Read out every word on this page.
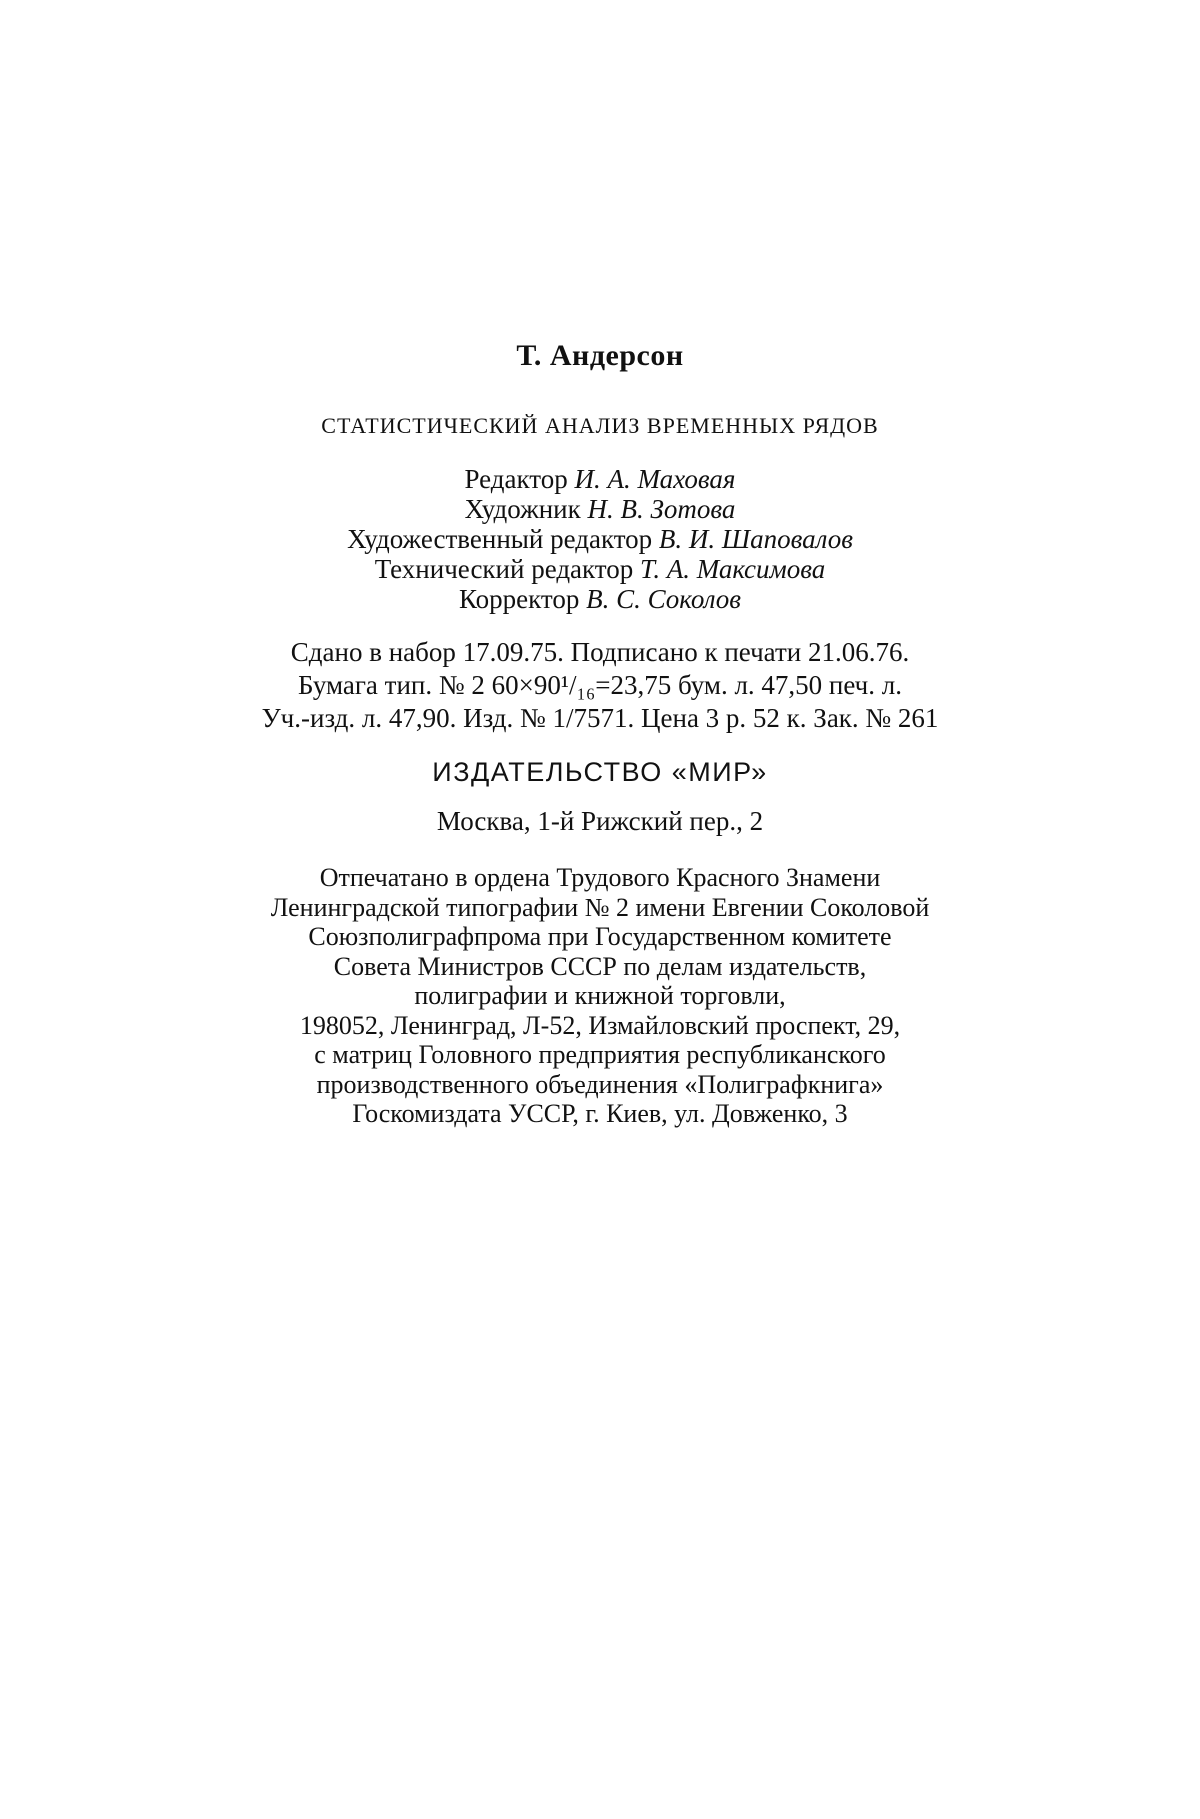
Т. Андерсон

СТАТИСТИЧЕСКИЙ АНАЛИЗ ВРЕМЕННЫХ РЯДОВ

Редактор И. А. Маховая
Художник Н. В. Зотова
Художественный редактор В. И. Шаповалов
Технический редактор Т. А. Максимова
Корректор В. С. Соколов
Сдано в набор 17.09.75. Подписано к печати 21.06.76.
Бумага тип. № 2 60×90¹/₁₆=23,75 бум. л. 47,50 печ. л.
Уч.-изд. л. 47,90. Изд. № 1/7571. Цена 3 р. 52 к. Зак. № 261
ИЗДАТЕЛЬСТВО «МИР»
Москва, 1-й Рижский пер., 2
Отпечатано в ордена Трудового Красного Знамени
Ленинградской типографии № 2 имени Евгении Соколовой
Союзполиграфпрома при Государственном комитете
Совета Министров СССР по делам издательств,
полиграфии и книжной торговли,
198052, Ленинград, Л-52, Измайловский проспект, 29,
с матриц Головного предприятия республиканского
производственного объединения «Полиграфкнига»
Госкомиздата УССР, г. Киев, ул. Довженко, 3
